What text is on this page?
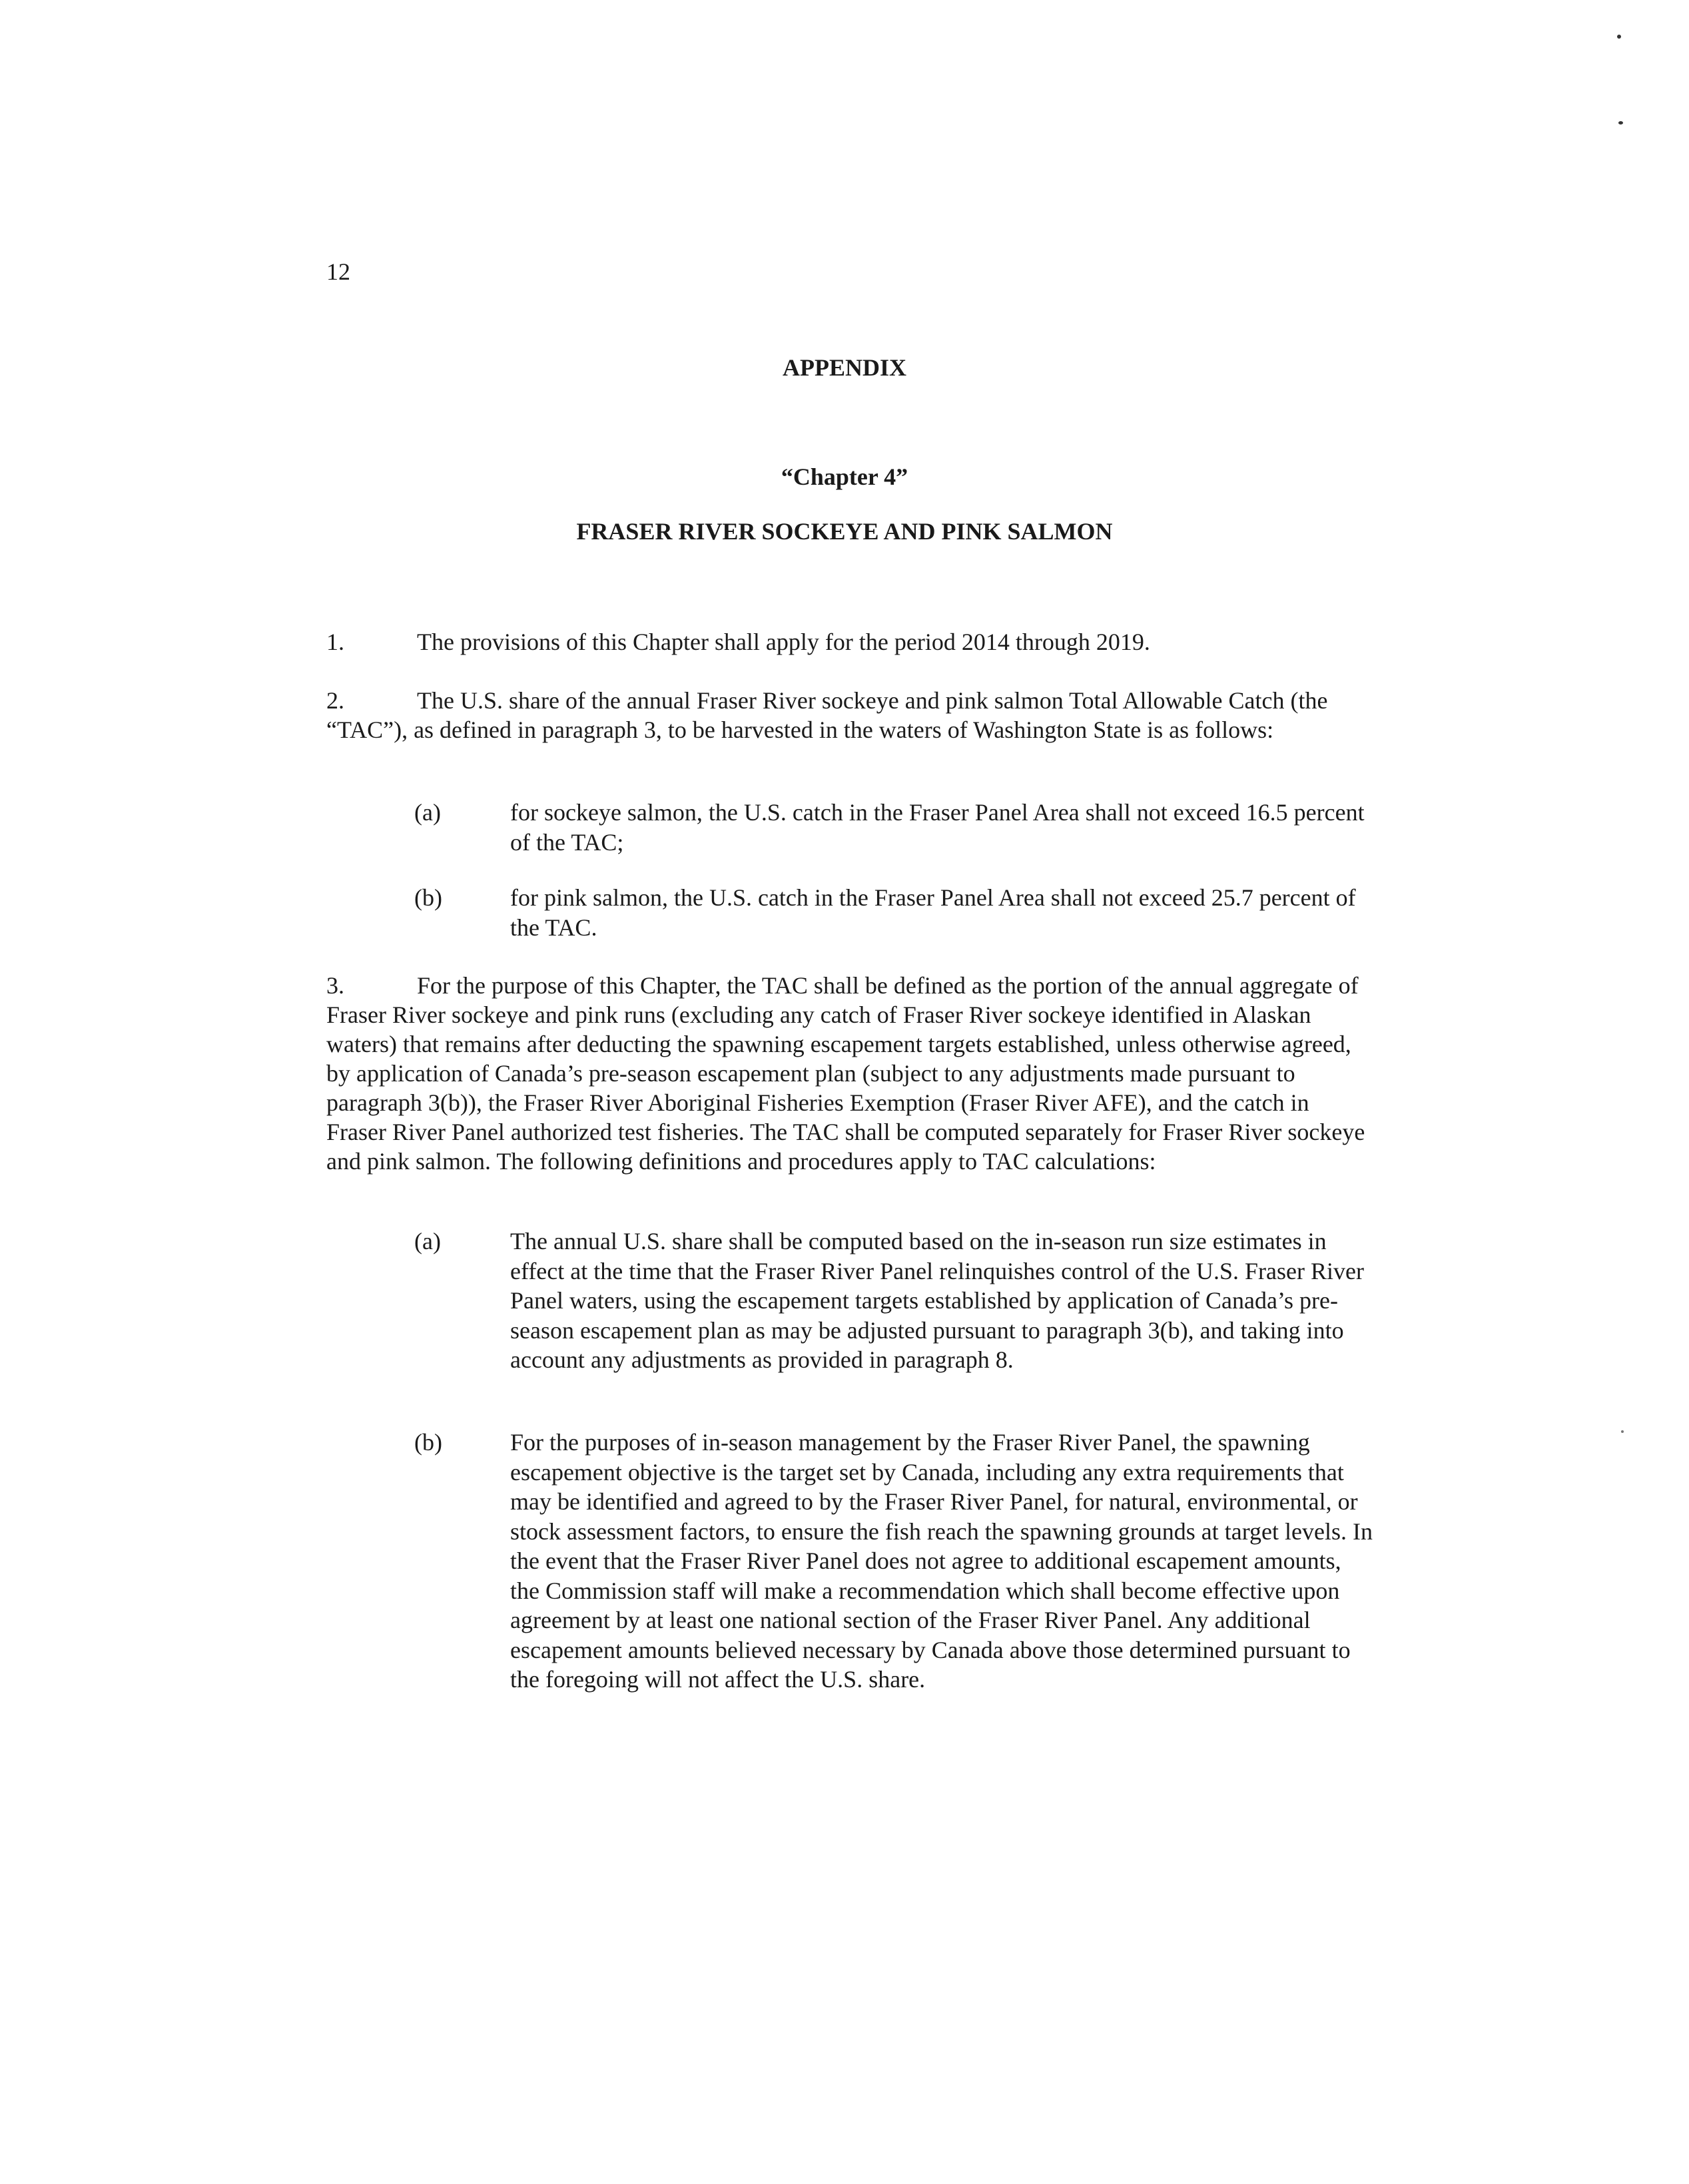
12
APPENDIX
“Chapter 4”
FRASER RIVER SOCKEYE AND PINK SALMON
1.	The provisions of this Chapter shall apply for the period 2014 through 2019.
2.	The U.S. share of the annual Fraser River sockeye and pink salmon Total Allowable Catch (the “TAC”), as defined in paragraph 3, to be harvested in the waters of Washington State is as follows:
(a)	for sockeye salmon, the U.S. catch in the Fraser Panel Area shall not exceed 16.5 percent of the TAC;
(b)	for pink salmon, the U.S. catch in the Fraser Panel Area shall not exceed 25.7 percent of the TAC.
3.	For the purpose of this Chapter, the TAC shall be defined as the portion of the annual aggregate of Fraser River sockeye and pink runs (excluding any catch of Fraser River sockeye identified in Alaskan waters) that remains after deducting the spawning escapement targets established, unless otherwise agreed, by application of Canada’s pre-season escapement plan (subject to any adjustments made pursuant to paragraph 3(b)), the Fraser River Aboriginal Fisheries Exemption (Fraser River AFE), and the catch in Fraser River Panel authorized test fisheries. The TAC shall be computed separately for Fraser River sockeye and pink salmon. The following definitions and procedures apply to TAC calculations:
(a)	The annual U.S. share shall be computed based on the in-season run size estimates in effect at the time that the Fraser River Panel relinquishes control of the U.S. Fraser River Panel waters, using the escapement targets established by application of Canada’s pre-season escapement plan as may be adjusted pursuant to paragraph 3(b), and taking into account any adjustments as provided in paragraph 8.
(b)	For the purposes of in-season management by the Fraser River Panel, the spawning escapement objective is the target set by Canada, including any extra requirements that may be identified and agreed to by the Fraser River Panel, for natural, environmental, or stock assessment factors, to ensure the fish reach the spawning grounds at target levels. In the event that the Fraser River Panel does not agree to additional escapement amounts, the Commission staff will make a recommendation which shall become effective upon agreement by at least one national section of the Fraser River Panel. Any additional escapement amounts believed necessary by Canada above those determined pursuant to the foregoing will not affect the U.S. share.
